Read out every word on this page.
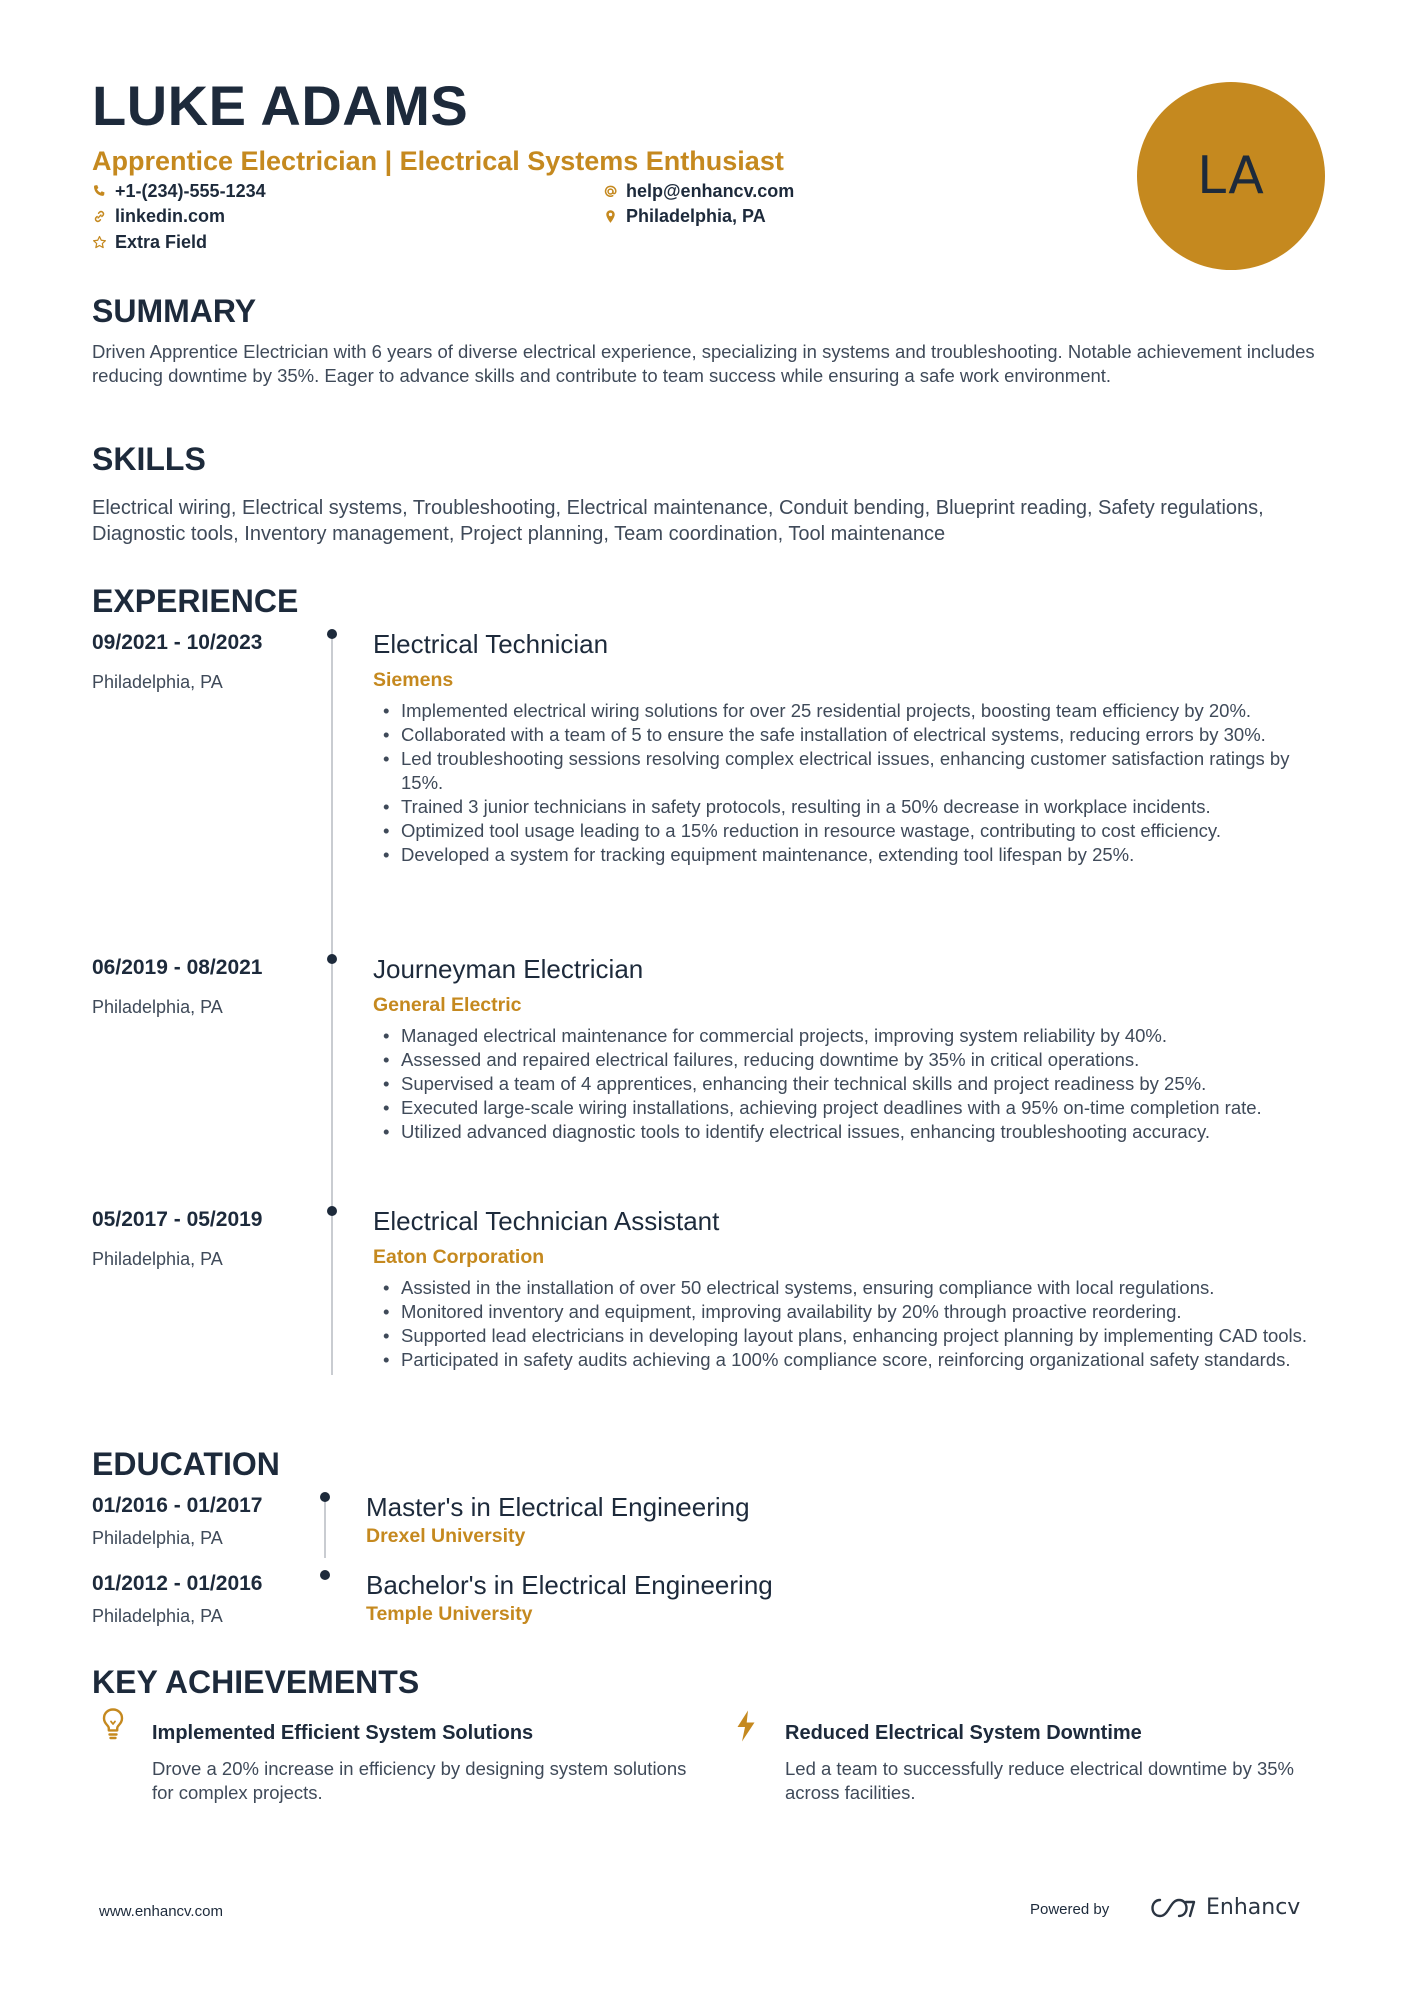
LUKE ADAMS
Apprentice Electrician | Electrical Systems Enthusiast
+1-(234)-555-1234	help@enhancv.com
linkedin.com	Philadelphia, PA
Extra Field
LA
SUMMARY
Driven Apprentice Electrician with 6 years of diverse electrical experience, specializing in systems and troubleshooting. Notable achievement includes reducing downtime by 35%. Eager to advance skills and contribute to team success while ensuring a safe work environment.
SKILLS
Electrical wiring, Electrical systems, Troubleshooting, Electrical maintenance, Conduit bending, Blueprint reading, Safety regulations, Diagnostic tools, Inventory management, Project planning, Team coordination, Tool maintenance
EXPERIENCE
09/2021 - 10/2023
Philadelphia, PA
Electrical Technician
Siemens
• Implemented electrical wiring solutions for over 25 residential projects, boosting team efficiency by 20%.
• Collaborated with a team of 5 to ensure the safe installation of electrical systems, reducing errors by 30%.
• Led troubleshooting sessions resolving complex electrical issues, enhancing customer satisfaction ratings by 15%.
• Trained 3 junior technicians in safety protocols, resulting in a 50% decrease in workplace incidents.
• Optimized tool usage leading to a 15% reduction in resource wastage, contributing to cost efficiency.
• Developed a system for tracking equipment maintenance, extending tool lifespan by 25%.
06/2019 - 08/2021
Philadelphia, PA
Journeyman Electrician
General Electric
• Managed electrical maintenance for commercial projects, improving system reliability by 40%.
• Assessed and repaired electrical failures, reducing downtime by 35% in critical operations.
• Supervised a team of 4 apprentices, enhancing their technical skills and project readiness by 25%.
• Executed large-scale wiring installations, achieving project deadlines with a 95% on-time completion rate.
• Utilized advanced diagnostic tools to identify electrical issues, enhancing troubleshooting accuracy.
05/2017 - 05/2019
Philadelphia, PA
Electrical Technician Assistant
Eaton Corporation
• Assisted in the installation of over 50 electrical systems, ensuring compliance with local regulations.
• Monitored inventory and equipment, improving availability by 20% through proactive reordering.
• Supported lead electricians in developing layout plans, enhancing project planning by implementing CAD tools.
• Participated in safety audits achieving a 100% compliance score, reinforcing organizational safety standards.
EDUCATION
01/2016 - 01/2017
Philadelphia, PA
Master's in Electrical Engineering
Drexel University
01/2012 - 01/2016
Philadelphia, PA
Bachelor's in Electrical Engineering
Temple University
KEY ACHIEVEMENTS
Implemented Efficient System Solutions
Drove a 20% increase in efficiency by designing system solutions for complex projects.
Reduced Electrical System Downtime
Led a team to successfully reduce electrical downtime by 35% across facilities.
www.enhancv.com	Powered by	Enhancv
